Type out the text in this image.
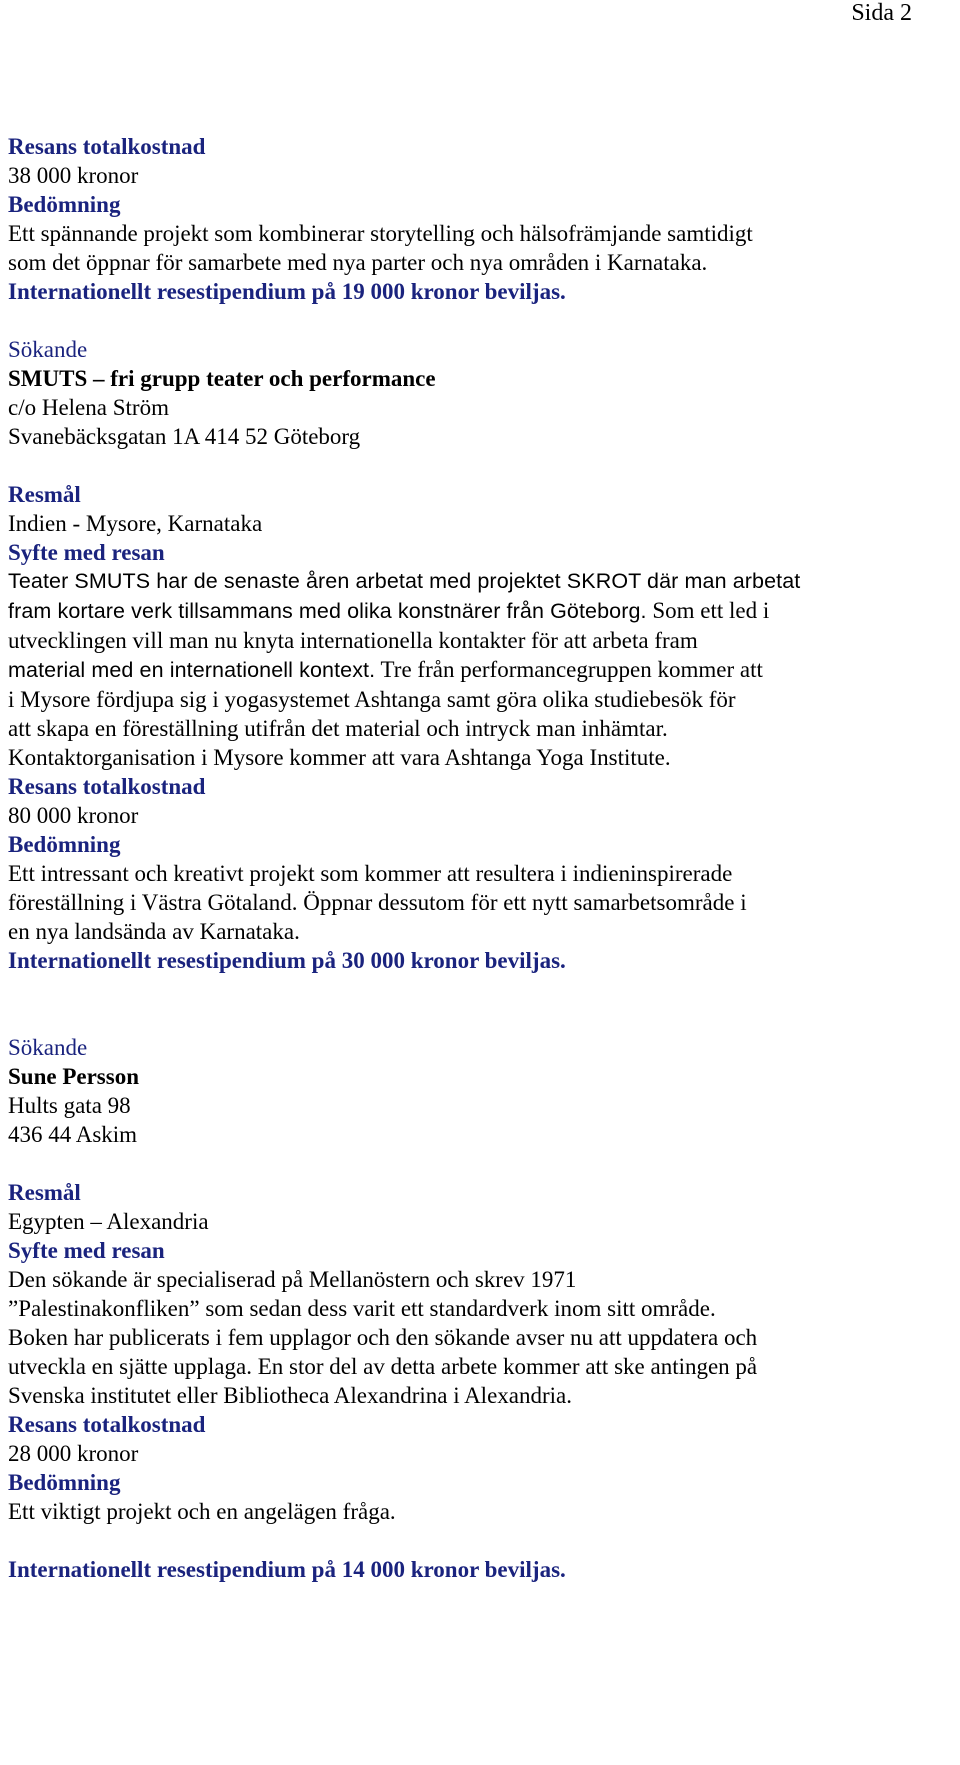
Sida 2

Resans totalkostnad

38 000 kronor

Bedömning

Ett spännande projekt som kombinerar storytelling och hälsofrämjande samtidigt

som det öppnar för samarbete med nya parter och nya områden i Karnataka.

Internationellt resestipendium på 19 000 kronor beviljas.

Sökande

SMUTS – fri grupp teater och performance

c/o Helena Ström

Svanebäcksgatan 1A 414 52 Göteborg

Resmål

Indien - Mysore, Karnataka

Syfte med resan

Teater SMUTS har de senaste åren arbetat med projektet SKROT där man arbetat

fram kortare verk tillsammans med olika konstnärer från Göteborg. Som ett led i

utvecklingen vill man nu knyta internationella kontakter för att arbeta fram

material med en internationell kontext. Tre från performancegruppen kommer att

i Mysore fördjupa sig i yogasystemet Ashtanga samt göra olika studiebesök för

att skapa en föreställning utifrån det material och intryck man inhämtar.

Kontaktorganisation i Mysore kommer att vara Ashtanga Yoga Institute.

Resans totalkostnad

80 000 kronor

Bedömning

Ett intressant och kreativt projekt som kommer att resultera i indieninspirerade

föreställning i Västra Götaland. Öppnar dessutom för ett nytt samarbetsområde i

en nya landsända av Karnataka.

Internationellt resestipendium på 30 000 kronor beviljas.

Sökande

Sune Persson

Hults gata 98

436 44 Askim

Resmål

Egypten – Alexandria

Syfte med resan

Den sökande är specialiserad på Mellanöstern och skrev 1971

”Palestinakonfliken” som sedan dess varit ett standardverk inom sitt område.

Boken har publicerats i fem upplagor och den sökande avser nu att uppdatera och

utveckla en sjätte upplaga. En stor del av detta arbete kommer att ske antingen på

Svenska institutet eller Bibliotheca Alexandrina i Alexandria.

Resans totalkostnad

28 000 kronor

Bedömning

Ett viktigt projekt och en angelägen fråga.

Internationellt resestipendium på 14 000 kronor beviljas.
